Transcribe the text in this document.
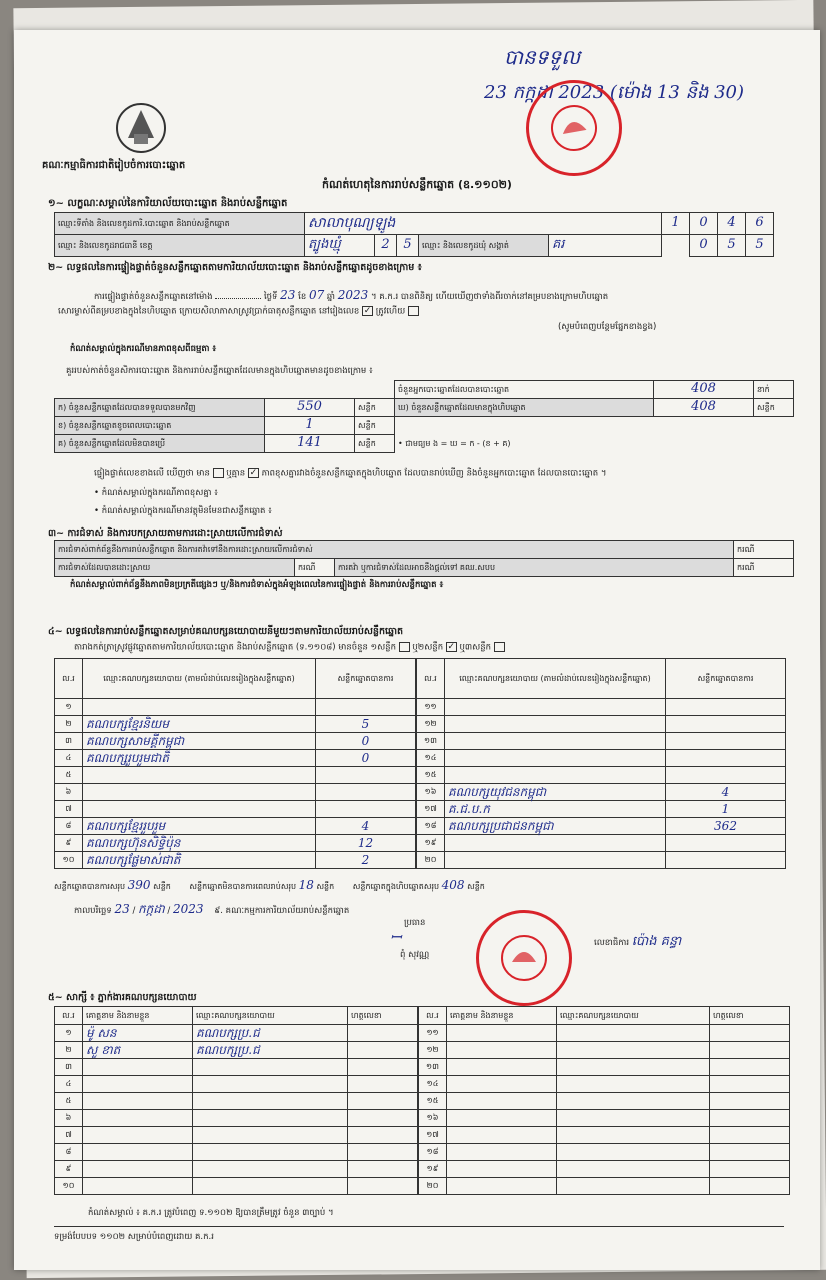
បានទទួល
23 កក្កដា 2023 (ម៉ោង 13 និង 30)
គណៈកម្មាធិការជាតិរៀបចំការបោះឆ្នោត
កំណត់ហេតុនៃការរាប់សន្លឹកឆ្នោត (ឧ.១១០២)
១~ លក្ខណៈសម្គាល់នៃការិយាល័យបោះឆ្នោត និងរាប់សន្លឹកឆ្នោត
ឈ្មោះទីតាំង និងលេខកូដការិ.បោះឆ្នោត និងរាប់សន្លឹកឆ្នោត	សាលាបុណ្យឡូង					1	0	4	6
ឈ្មោះ និងលេខកូដរាជធានី ខេត្ត	ត្បូងឃ្មុំ	2	5	ឈ្មោះ និងលេខកូដឃុំ សង្កាត់	គរ		0	5	5
២~ លទ្ធផលនៃការផ្ទៀងផ្ទាត់ចំនួនសន្លឹកឆ្នោតតាមការិយាល័យបោះឆ្នោត និងរាប់សន្លឹកឆ្នោតដូចខាងក្រោម ៖
ការផ្ទៀងផ្ទាត់ចំនួនសន្លឹកឆ្នោតនៅម៉ោង	ថ្ងៃទី 23 ខែ 07 ឆ្នាំ 2023 ។ គ.ក.រ បានពិនិត្យ ហើយឃើញថាទាំងពីរចាក់នៅគម្របខាងក្រោមហិបឆ្នោត
សោរម្ចាស់ពីគម្របខាងក្នុងនៃហិបឆ្នោត ក្រោយសិលាភាសាស្រូវប្រាក់ធាតុសន្លឹកឆ្នោត នៅរៀងលេខ ✓ ត្រូវហើយ
(សូមបំពេញបន្ថែមផ្នែកខាងខ្វង)
កំណត់សម្គាល់ក្នុងករណីមានភាពខុសពីធម្មតា ៖
គួររបស់កាត់ចំនួនសិការបោះឆ្នោត និងការរាប់សន្លឹកឆ្នោតដែលមានក្នុងហិបឆ្នោតមានដូចខាងក្រោម ៖
			ចំនួនអ្នកបោះឆ្នោតដែលបានបោះឆ្នោត	408	នាក់
ក) ចំនួនសន្លឹកឆ្នោតដែលបានទទួលបានមកវិញ	550	សន្លឹក	ឃ) ចំនួនសន្លឹកឆ្នោតដែលមានក្នុងហិបឆ្នោត	408	សន្លឹក
ខ) ចំនួនសន្លឹកឆ្នោតខូចពេលបោះឆ្នោត	1	សន្លឹក			
គ) ចំនួនសន្លឹកឆ្នោតដែលមិនបានប្រើ	141	សន្លឹក	• ជាមធ្យម ង = ឃ = ក - (ខ + គ)		
ផ្ទៀងផ្ទាត់លេខខាងលើ ឃើញថា មាន ឬគ្មាន ✓ ភាពខុសគ្នារវាងចំនួនសន្លឹកឆ្នោតក្នុងហិបឆ្នោត ដែលបានរាប់ឃើញ និងចំនួនអ្នកបោះឆ្នោត ដែលបានបោះឆ្នោត ។
• កំណត់សម្គាល់ក្នុងករណីភាពខុសគ្នា ៖
• កំណត់សម្គាល់ក្នុងករណីមានវត្ថុមិនមែនជាសន្លឹកឆ្នោត ៖
៣~ ការជំទាស់ និងការបកស្រាយតាមការដោះស្រាយលើការជំទាស់
ការជំទាស់ពាក់ព័ន្ធនឹងការរាប់សន្លឹកឆ្នោត និងការតវ៉ាទៅនឹងការដោះស្រាយលើការជំទាស់			ករណី
ការជំទាស់ដែលបានដោះស្រាយ	ករណី	ការតវ៉ា ឬការជំទាស់ដែលអាចនឹងផ្តល់ទៅ គឈ.សបប	ករណី
កំណត់សម្គាល់ពាក់ព័ន្ធនឹងភាពមិនប្រក្រតីផ្សេងៗ ឬ/និងការជំទាស់ក្នុងអំឡុងពេលនៃការផ្ទៀងផ្ទាត់ និងការរាប់សន្លឹកឆ្នោត ៖
៤~ លទ្ធផលនៃការរាប់សន្លឹកឆ្នោតសម្រាប់គណបក្សនយោបាយនីមួយៗតាមការិយាល័យរាប់សន្លឹកឆ្នោត
តារាងកត់ត្រាស្រូវផ្លូវឆ្នោតតាមការិយាល័យបោះឆ្នោត និងរាប់សន្លឹកឆ្នោត (ទ.១១០៨) មានចំនួន ១សន្លឹក ឬ២សន្លឹក ✓ ឬ៣សន្លឹក
ល.រ	ឈ្មោះគណបក្សនយោបាយ (តាមលំដាប់លេខរៀងក្នុងសន្លឹកឆ្នោត)	សន្លឹកឆ្នោតបានការ
១		
២	គណបក្សខ្មែរនិយម	5
៣	គណបក្សសាមគ្គីកម្ពុជា	0
៤	គណបក្សរួបរួមជាតិ	0
៥		
៦		
៧		
៨	គណបក្សខ្មែររួបរួម	4
៩	គណបក្សហ៊ុនសិទ្ធិប៉ុន	12
១០	គណបក្សផ្លែមាស់ជាតិ	2
ល.រ	ឈ្មោះគណបក្សនយោបាយ (តាមលំដាប់លេខរៀងក្នុងសន្លឹកឆ្នោត)	សន្លឹកឆ្នោតបានការ
១១		
១២		
១៣		
១៤		
១៥		
១៦	គណបក្សយុវជនកម្ពុជា	4
១៧	គ.ជ.ប.ក	1
១៨	គណបក្សប្រជាជនកម្ពុជា	362
១៩		
២០		
សន្លឹកឆ្នោតបានការសរុប 390 សន្លឹក សន្លឹកឆ្នោតមិនបានការពេលរាប់សរុប 18 សន្លឹក សន្លឹកឆ្នោតក្នុងហិបឆ្នោតសរុប 408 សន្លឹក
កាលបរិច្ឆេទ 23 / កក្កដា / 2023 ៩. គណៈកម្មការការិយាល័យរាប់សន្លឹកឆ្នោត
ប្រធាន
ꟷ
ពុំ សុវណ្ណ
លេខាធិការ ប៉ោង គន្ធា
៥~ សាក្សី ៖ ភ្នាក់ងារគណបក្សនយោបាយ
ល.រ	គោត្តនាម និងនាមខ្លួន	ឈ្មោះគណបក្សនយោបាយ	ហត្ថលេខា
១	ម៉ូ សន	គណបក្សប្រ.ជ	
២	សួ ខាត	គណបក្សប្រ.ជ	
៣			
៤			
៥			
៦			
៧			
៨			
៩			
១០			
ល.រ	គោត្តនាម និងនាមខ្លួន	ឈ្មោះគណបក្សនយោបាយ	ហត្ថលេខា
១១			
១២			
១៣			
១៤			
១៥			
១៦			
១៧			
១៨			
១៩			
២០			
កំណត់សម្គាល់ ៖ គ.ក.រ ត្រូវបំពេញ ទ.១១០២ ឱ្យបានត្រឹមត្រូវ ចំនួន ៣ច្បាប់ ។
ទម្រង់បែបបទ ១១០២ សម្រាប់បំពេញដោយ គ.ក.រ
